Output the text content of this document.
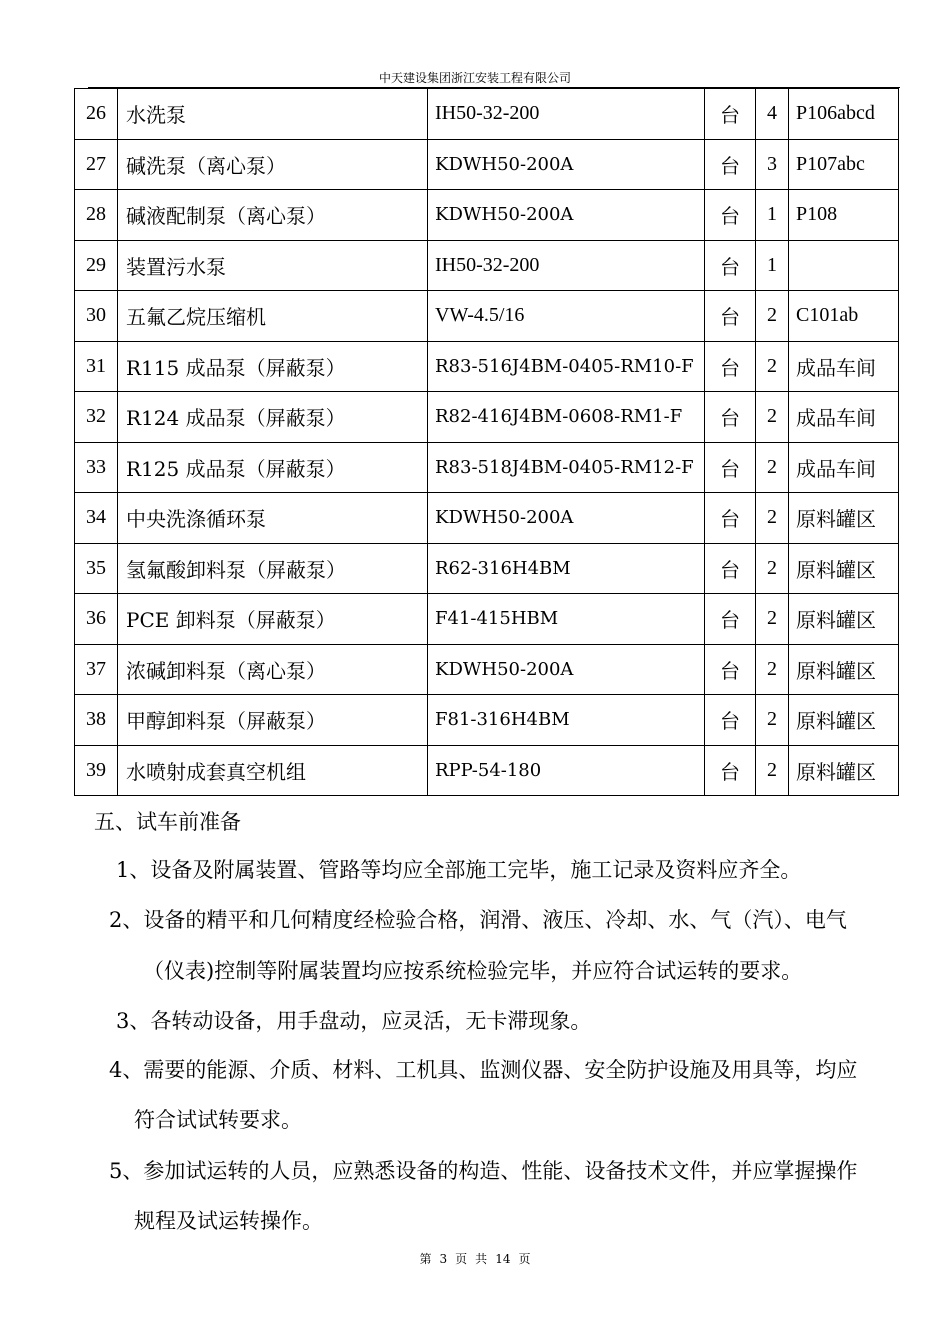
中天建设集团浙江安装工程有限公司
26	水洗泵	IH50-32-200	台	4	P106abcd
27	碱洗泵（离心泵）	KDWH50-200A	台	3	P107abc
28	碱液配制泵（离心泵）	KDWH50-200A	台	1	P108
29	装置污水泵	IH50-32-200	台	1	
30	五氟乙烷压缩机	VW-4.5/16	台	2	C101ab
31	R115 成品泵（屏蔽泵）	R83-516J4BM-0405-RM10-F	台	2	成品车间
32	R124 成品泵（屏蔽泵）	R82-416J4BM-0608-RM1-F	台	2	成品车间
33	R125 成品泵（屏蔽泵）	R83-518J4BM-0405-RM12-F	台	2	成品车间
34	中央洗涤循环泵	KDWH50-200A	台	2	原料罐区
35	氢氟酸卸料泵（屏蔽泵）	R62-316H4BM	台	2	原料罐区
36	PCE 卸料泵（屏蔽泵）	F41-415HBM	台	2	原料罐区
37	浓碱卸料泵（离心泵）	KDWH50-200A	台	2	原料罐区
38	甲醇卸料泵（屏蔽泵）	F81-316H4BM	台	2	原料罐区
39	水喷射成套真空机组	RPP-54-180	台	2	原料罐区
五、试车前准备
1、设备及附属装置、管路等均应全部施工完毕，施工记录及资料应齐全。
2、设备的精平和几何精度经检验合格，润滑、液压、冷却、水、气（汽）、电气
（仪表)控制等附属装置均应按系统检验完毕，并应符合试运转的要求。
3、各转动设备，用手盘动，应灵活，无卡滞现象。
4、需要的能源、介质、材料、工机具、监测仪器、安全防护设施及用具等，均应
符合试试转要求。
5、参加试运转的人员，应熟悉设备的构造、性能、设备技术文件，并应掌握操作
规程及试运转操作。
第 3 页 共 14 页
